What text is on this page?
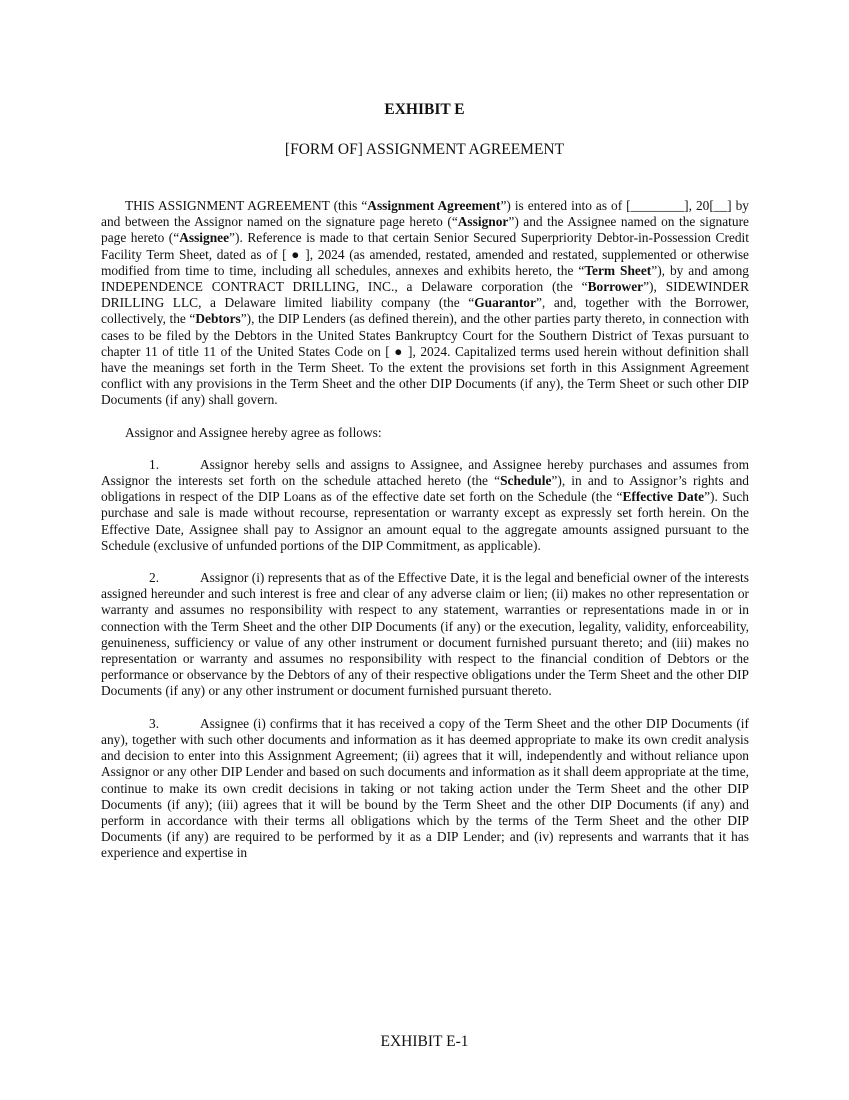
EXHIBIT E
[FORM OF] ASSIGNMENT AGREEMENT

THIS ASSIGNMENT AGREEMENT (this “Assignment Agreement”) is entered into as of [________], 20[__] by and between the Assignor named on the signature page hereto (“Assignor”) and the Assignee named on the signature page hereto (“Assignee”). Reference is made to that certain Senior Secured Superpriority Debtor-in-Possession Credit Facility Term Sheet, dated as of [ ● ], 2024 (as amended, restated, amended and restated, supplemented or otherwise modified from time to time, including all schedules, annexes and exhibits hereto, the “Term Sheet”), by and among INDEPENDENCE CONTRACT DRILLING, INC., a Delaware corporation (the “Borrower”), SIDEWINDER DRILLING LLC, a Delaware limited liability company (the “Guarantor”, and, together with the Borrower, collectively, the “Debtors”), the DIP Lenders (as defined therein), and the other parties party thereto, in connection with cases to be filed by the Debtors in the United States Bankruptcy Court for the Southern District of Texas pursuant to chapter 11 of title 11 of the United States Code on [ ● ], 2024. Capitalized terms used herein without definition shall have the meanings set forth in the Term Sheet. To the extent the provisions set forth in this Assignment Agreement conflict with any provisions in the Term Sheet and the other DIP Documents (if any), the Term Sheet or such other DIP Documents (if any) shall govern.

Assignor and Assignee hereby agree as follows:

1.	Assignor hereby sells and assigns to Assignee, and Assignee hereby purchases and assumes from Assignor the interests set forth on the schedule attached hereto (the “Schedule”), in and to Assignor’s rights and obligations in respect of the DIP Loans as of the effective date set forth on the Schedule (the “Effective Date”). Such purchase and sale is made without recourse, representation or warranty except as expressly set forth herein. On the Effective Date, Assignee shall pay to Assignor an amount equal to the aggregate amounts assigned pursuant to the Schedule (exclusive of unfunded portions of the DIP Commitment, as applicable).

2.	Assignor (i) represents that as of the Effective Date, it is the legal and beneficial owner of the interests assigned hereunder and such interest is free and clear of any adverse claim or lien; (ii) makes no other representation or warranty and assumes no responsibility with respect to any statement, warranties or representations made in or in connection with the Term Sheet and the other DIP Documents (if any) or the execution, legality, validity, enforceability, genuineness, sufficiency or value of any other instrument or document furnished pursuant thereto; and (iii) makes no representation or warranty and assumes no responsibility with respect to the financial condition of Debtors or the performance or observance by the Debtors of any of their respective obligations under the Term Sheet and the other DIP Documents (if any) or any other instrument or document furnished pursuant thereto.

3.	Assignee (i) confirms that it has received a copy of the Term Sheet and the other DIP Documents (if any), together with such other documents and information as it has deemed appropriate to make its own credit analysis and decision to enter into this Assignment Agreement; (ii) agrees that it will, independently and without reliance upon Assignor or any other DIP Lender and based on such documents and information as it shall deem appropriate at the time, continue to make its own credit decisions in taking or not taking action under the Term Sheet and the other DIP Documents (if any); (iii) agrees that it will be bound by the Term Sheet and the other DIP Documents (if any) and perform in accordance with their terms all obligations which by the terms of the Term Sheet and the other DIP Documents (if any) are required to be performed by it as a DIP Lender; and (iv) represents and warrants that it has experience and expertise in

EXHIBIT E-1
